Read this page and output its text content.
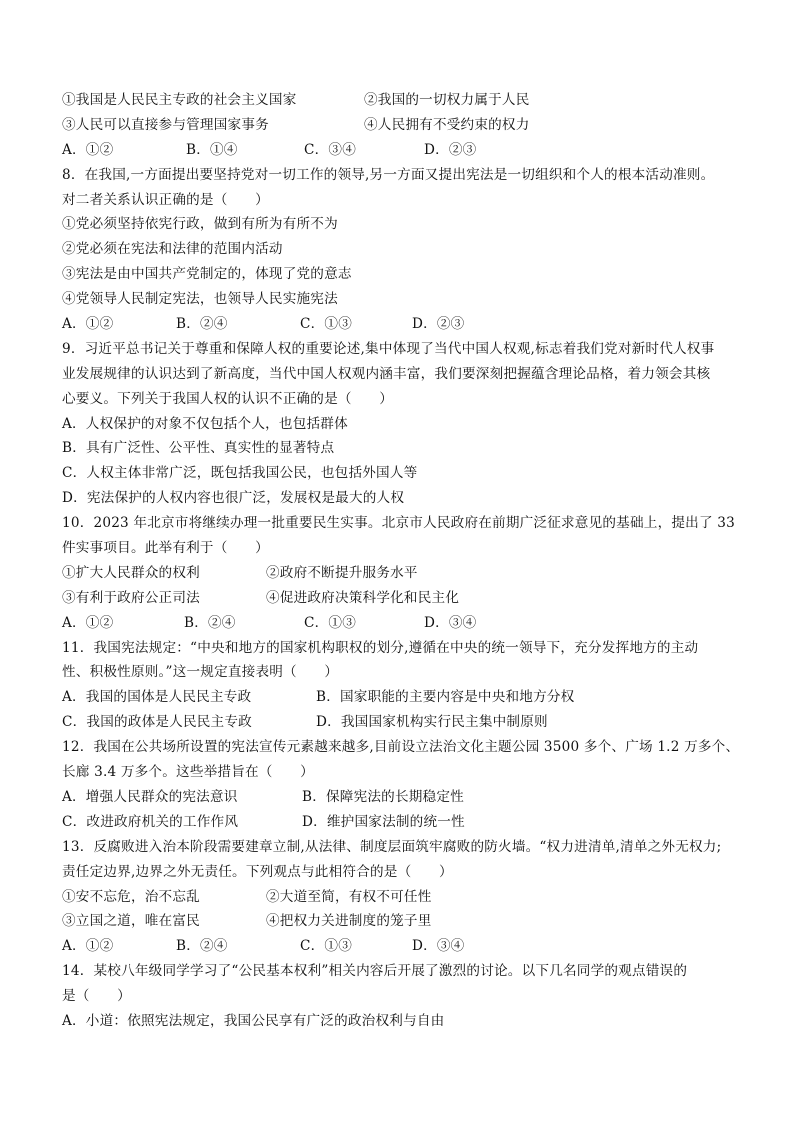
①我国是人民民主专政的社会主义国家	②我国的一切权力属于人民
③人民可以直接参与管理国家事务	④人民拥有不受约束的权力
A．①②	B．①④	C．③④	D．②③
8．在我国,一方面提出要坚持党对一切工作的领导,另一方面又提出宪法是一切组织和个人的根本活动准则。
对二者关系认识正确的是（　　）
①党必须坚持依宪行政，做到有所为有所不为
②党必须在宪法和法律的范围内活动
③宪法是由中国共产党制定的，体现了党的意志
④党领导人民制定宪法，也领导人民实施宪法
A．①②	B．②④	C．①③	D．②③
9．习近平总书记关于尊重和保障人权的重要论述,集中体现了当代中国人权观,标志着我们党对新时代人权事
业发展规律的认识达到了新高度，当代中国人权观内涵丰富，我们要深刻把握蕴含理论品格，着力领会其核
心要义。下列关于我国人权的认识不正确的是（　　）
A．人权保护的对象不仅包括个人，也包括群体
B．具有广泛性、公平性、真实性的显著特点
C．人权主体非常广泛，既包括我国公民，也包括外国人等
D．宪法保护的人权内容也很广泛，发展权是最大的人权
10．2023 年北京市将继续办理一批重要民生实事。北京市人民政府在前期广泛征求意见的基础上，提出了 33
件实事项目。此举有利于（　　）
①扩大人民群众的权利	②政府不断提升服务水平
③有利于政府公正司法	④促进政府决策科学化和民主化
A．①②	B．②④	C．①③	D．③④
11．我国宪法规定：“中央和地方的国家机构职权的划分,遵循在中央的统一领导下，充分发挥地方的主动
性、积极性原则。”这一规定直接表明（　　）
A．我国的国体是人民民主专政	B．国家职能的主要内容是中央和地方分权
C．我国的政体是人民民主专政	D．我国国家机构实行民主集中制原则
12．我国在公共场所设置的宪法宣传元素越来越多,目前设立法治文化主题公园 3500 多个、广场 1.2 万多个、
长廊 3.4 万多个。这些举措旨在（　　）
A．增强人民群众的宪法意识	B．保障宪法的长期稳定性
C．改进政府机关的工作作风	D．维护国家法制的统一性
13．反腐败进入治本阶段需要建章立制,从法律、制度层面筑牢腐败的防火墙。“权力进清单,清单之外无权力;
责任定边界,边界之外无责任。下列观点与此相符合的是（　　）
①安不忘危，治不忘乱	②大道至简，有权不可任性
③立国之道，唯在富民	④把权力关进制度的笼子里
A．①②	B．②④	C．①③	D．③④
14．某校八年级同学学习了“公民基本权利”相关内容后开展了激烈的讨论。以下几名同学的观点错误的
是（　　）
A．小道：依照宪法规定，我国公民享有广泛的政治权利与自由
